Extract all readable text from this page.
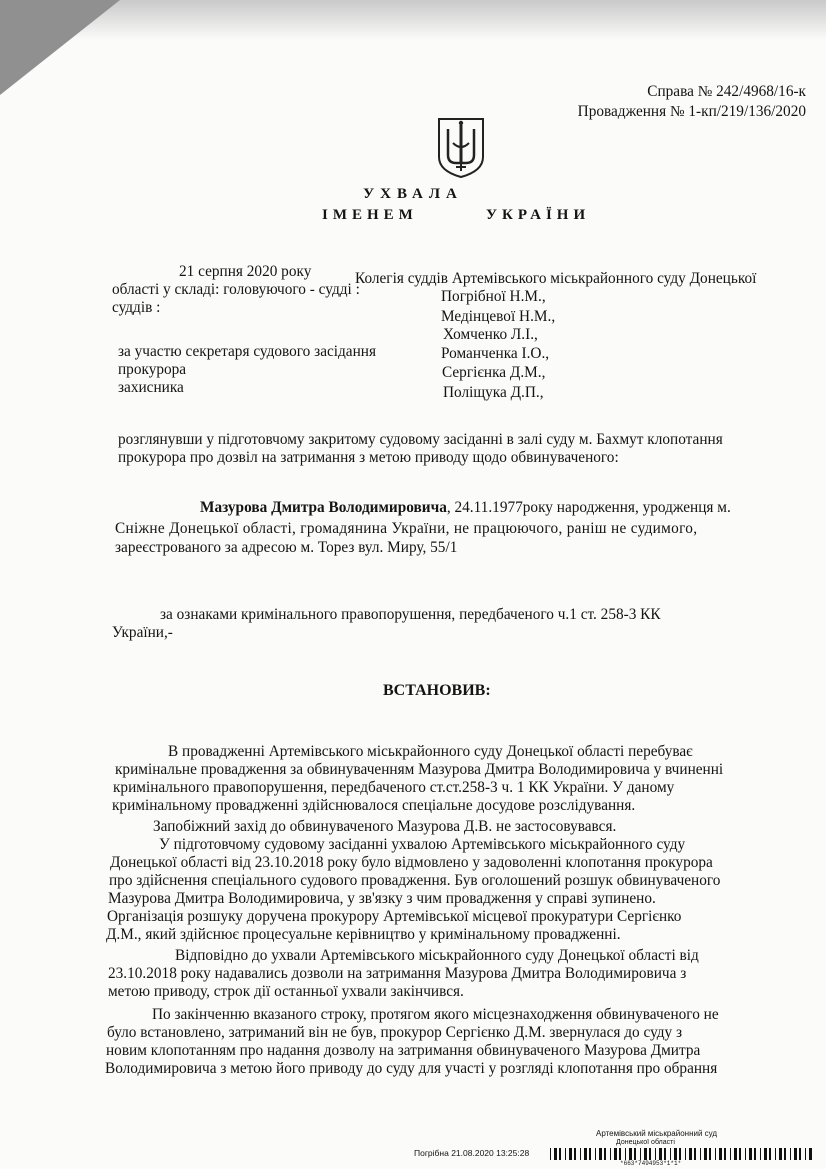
Справа № 242/4968/16-к
Провадження № 1-кп/219/136/2020
УХВАЛА
ІМЕНЕМ	УКРАЇНИ
21 серпня 2020 року	Колегія суддів Артемівського міськрайонного суду Донецької
області у складі: головуючого - судді :
суддів :
за участю секретаря судового засідання
прокурора
захисника
Погрібної Н.М.,
Медінцевої Н.М.,
Хомченко Л.І.,
Романченка І.О.,
Сергієнка Д.М.,
Поліщука Д.П.,
розглянувши у підготовчому закритому судовому засіданні в залі суду м. Бахмут клопотання
прокурора про дозвіл на затримання з метою приводу щодо обвинуваченого:
Мазурова Дмитра Володимировича, 24.11.1977року народження, уродженця м.
Сніжне Донецької області, громадянина України, не працюючого, раніш не судимого,
зареєстрованого за адресою м. Торез вул. Миру, 55/1
за ознаками кримінального правопорушення, передбаченого ч.1 ст. 258-3 КК
України,-
ВСТАНОВИВ:
В провадженні Артемівського міськрайонного суду Донецької області перебуває
кримінальне провадження за обвинуваченням Мазурова Дмитра Володимировича у вчиненні
кримінального правопорушення, передбаченого ст.ст.258-3 ч. 1 КК України. У даному
кримінальному провадженні здійснювалося спеціальне досудове розслідування.
Запобіжний захід до обвинуваченого Мазурова Д.В. не застосовувався.
У підготовчому судовому засіданні ухвалою Артемівського міськрайонного суду
Донецької області від 23.10.2018 року було відмовлено у задоволенні клопотання прокурора
про здійснення спеціального судового провадження. Був оголошений розшук обвинуваченого
Мазурова Дмитра Володимировича, у зв'язку з чим провадження у справі зупинено.
Організація розшуку доручена прокурору Артемівської місцевої прокуратури Сергієнко
Д.М., який здійснює процесуальне керівництво у кримінальному провадженні.
Відповідно до ухвали Артемівського міськрайонного суду Донецької області від
23.10.2018 року надавались дозволи на затримання Мазурова Дмитра Володимировича з
метою приводу, строк дії останньої ухвали закінчився.
По закінченню вказаного строку, протягом якого місцезнаходження обвинуваченого не
було встановлено, затриманий він не був, прокурор Сергієнко Д.М. звернулася до суду з
новим клопотанням про надання дозволу на затримання обвинуваченого Мазурова Дмитра
Володимировича з метою його приводу до суду для участі у розгляді клопотання про обрання
Артемівський міськрайонний суд
Донецької області
Погрібна 21.08.2020 13:25:28
*663*7494953*1*1*
